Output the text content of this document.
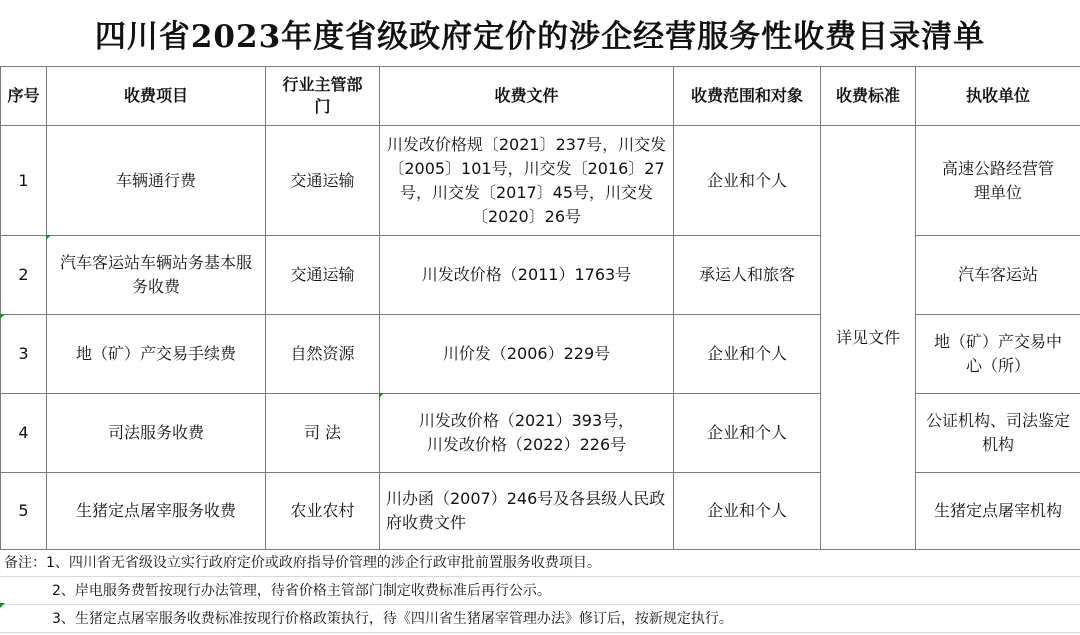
四川省2023年度省级政府定价的涉企经营服务性收费目录清单
序号	收费项目	行业主管部门	收费文件	收费范围和对象	收费标准	执收单位
1	车辆通行费	交通运输	川发改价格规〔2021〕237号，川交发〔2005〕101号，川交发〔2016〕27号，川交发〔2017〕45号，川交发〔2020〕26号	企业和个人	详见文件	高速公路经营管理单位
2	汽车客运站车辆站务基本服务收费	交通运输	川发改价格（2011）1763号	承运人和旅客		汽车客运站
3	地（矿）产交易手续费	自然资源	川价发（2006）229号	企业和个人		地（矿）产交易中心（所）
4	司法服务收费	司 法	川发改价格（2021）393号，川发改价格（2022）226号	企业和个人		公证机构、司法鉴定机构
5	生猪定点屠宰服务收费	农业农村	川办函（2007）246号及各县级人民政府收费文件	企业和个人		生猪定点屠宰机构
备注：1、四川省无省级设立实行政府定价或政府指导价管理的涉企行政审批前置服务收费项目。
2、岸电服务费暂按现行办法管理，待省价格主管部门制定收费标准后再行公示。
3、生猪定点屠宰服务收费标准按现行价格政策执行，待《四川省生猪屠宰管理办法》修订后，按新规定执行。
